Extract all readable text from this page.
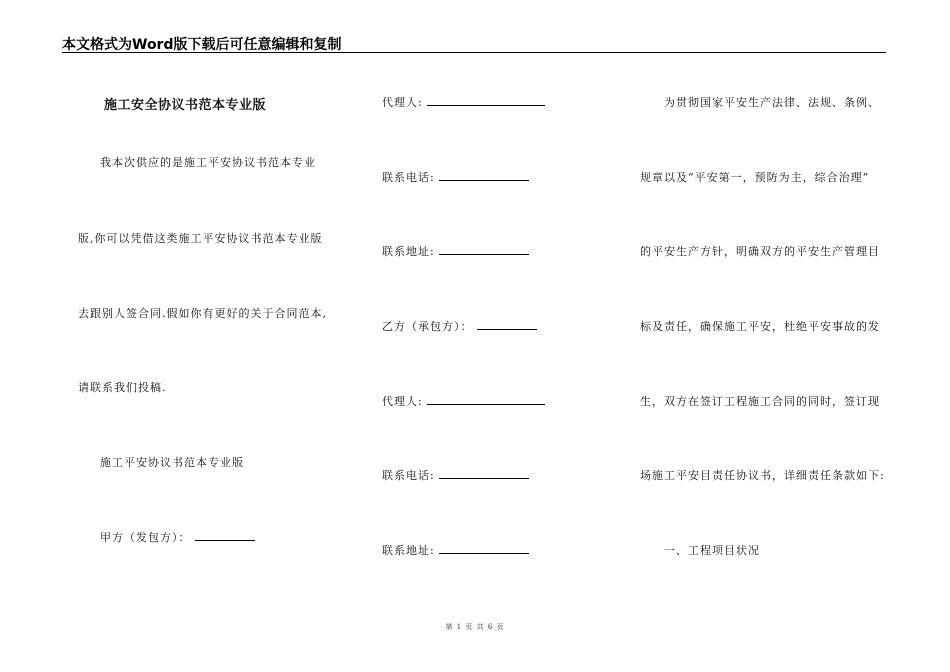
本文格式为Word版下载后可任意编辑和复制
施工安全协议书范本专业版
我本次供应的是施工平安协议书范本专业
版,你可以凭借这类施工平安协议书范本专业版
去跟别人签合同.假如你有更好的关于合同范本,
请联系我们投稿.
施工平安协议书范本专业版
甲方（发包方）：
代理人:
联系电话:
联系地址:
乙方（承包方）：
代理人:
联系电话:
联系地址:
为贯彻国家平安生产法律、法规、条例、
规章以及“平安第一，预防为主，综合治理”
的平安生产方针，明确双方的平安生产管理目
标及责任，确保施工平安，杜绝平安事故的发
生，双方在签订工程施工合同的同时，签订现
场施工平安目责任协议书，详细责任条款如下:
一、工程项目状况
第 1 页 共 6 页
